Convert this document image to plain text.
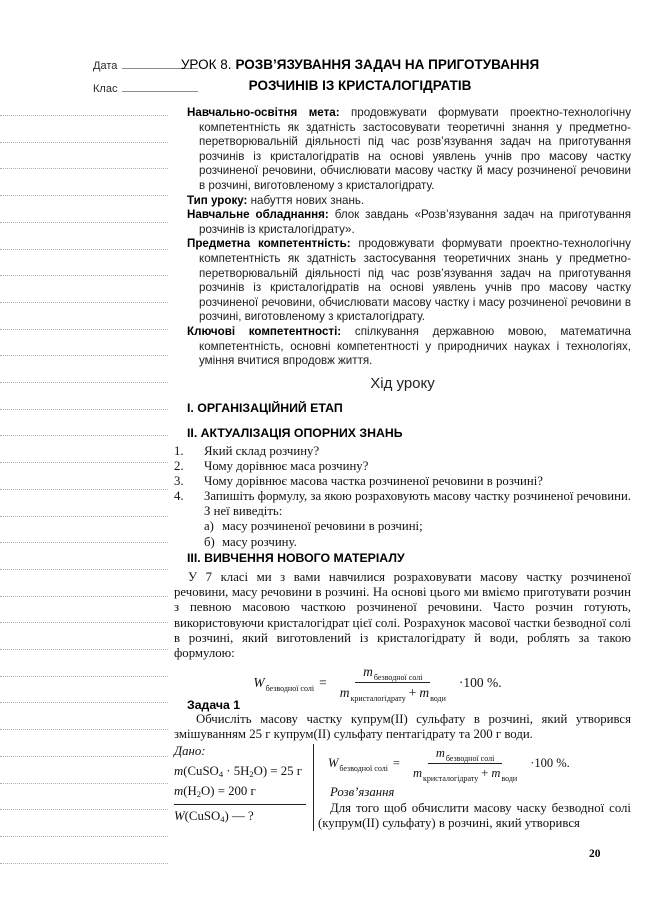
Дата
Клас
УРОК 8. РОЗВ’ЯЗУВАННЯ ЗАДАЧ НА ПРИГОТУВАННЯ
РОЗЧИНІВ ІЗ КРИСТАЛОГІДРАТІВ

Навчально-освітня мета: продовжувати формувати проектно-технологічну компетентність як здатність застосовувати теоретичні знання у предметно-перетворювальній діяльності під час розв’язування задач на приготування розчинів із кристалогідратів на основі уявлень учнів про масову частку розчиненої речовини, обчислювати масову частку й масу розчиненої речовини в розчині, виготовленому з кристалогідрату.

Тип уроку: набуття нових знань.

Навчальне обладнання: блок завдань «Розв’язування задач на приготування розчинів із кристалогідрату».

Предметна компетентність: продовжувати формувати проектно-технологічну компетентність як здатність застосування теоретичних знань у предметно-перетворювальній діяльності під час розв’язування задач на приготування розчинів із кристалогідратів на основі уявлень учнів про масову частку розчиненої речовини, обчислювати масову частку і масу розчиненої речовини в розчині, виготовленому з кристалогідрату.

Ключові компетентності: спілкування державною мовою, математична компетентність, основні компетентності у природничих науках і технологіях, уміння вчитися впродовж життя.

Хід уроку
I. ОРГАНІЗАЦІЙНИЙ ЕТАП
II. АКТУАЛІЗАЦІЯ ОПОРНИХ ЗНАНЬ
1. Який склад розчину?
2. Чому дорівнює маса розчину?
3. Чому дорівнює масова частка розчиненої речовини в розчині?
4. Запишіть формулу, за якою розраховують масову частку розчиненої речовини. З неї виведіть:
а) масу розчиненої речовини в розчині;
б) масу розчину.
III. ВИВЧЕННЯ НОВОГО МАТЕРІАЛУ
У 7 класі ми з вами навчилися розраховувати масову частку розчиненої речовини, масу речовини в розчині. На основі цього ми вміємо приготувати розчин з певною масовою часткою розчиненої речовини. Часто розчин готують, використовуючи кристалогідрат цієї солі. Розрахунок масової частки безводної солі в розчині, який виготовлений із кристалогідрату й води, роблять за такою формулою:
$W_{безводної солі} = \frac{m_{безводної солі}}{m_{кристалогідрату} + m_{води}} \cdot 100$ %.
Задача 1
Обчисліть масову частку купрум(II) сульфату в розчині, який утворився змішуванням 25 г купрум(II) сульфату пентагідрату та 200 г води.
Дано:
m(CuSO$_4$ · $5H_2O) = 25$ г
$m(H_2O) = 200$ г
W(CuSO$_4$) — ?
$W_{безводної солі} = \frac{m_{безводної солі}}{m_{кристалогідрату} + m_{води}} \cdot 100$ %.
Розв’язання
Для того щоб обчислити масову часку безводної солі (купрум(II) сульфату) в розчині, який утворився
20
